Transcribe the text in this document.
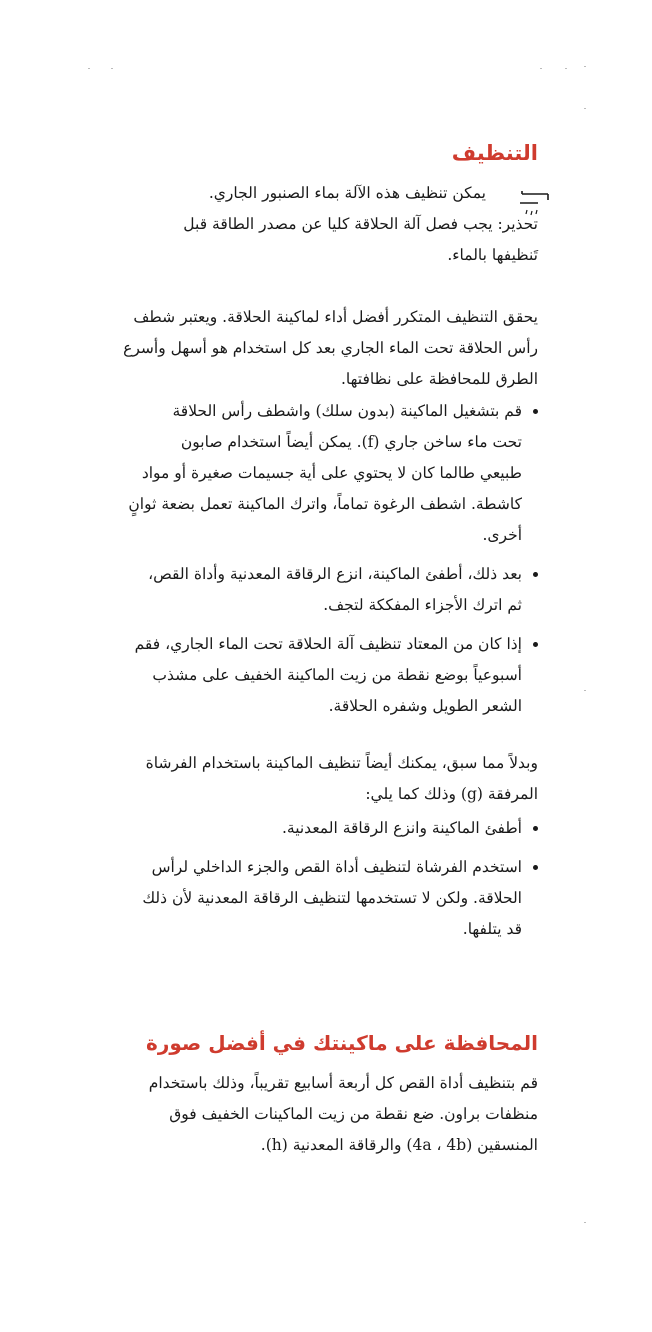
التنظيف

يمكن تنظيف هذه الآلة بماء الصنبور الجاري.

تحذير: يجب فصل آلة الحلاقة كليا عن مصدر الطاقة قبل
تَنظيفها بالماء.

يحقق التنظيف المتكرر أفضل أداء لماكينة الحلاقة. ويعتبر شطف
رأس الحلاقة تحت الماء الجاري بعد كل استخدام هو أسهل وأسرع
الطرق للمحافظة على نظافتها.

قم بتشغيل الماكينة (بدون سلك) واشطف رأس الحلاقة
تحت ماء ساخن جاري (f). يمكن أيضاً استخدام صابون
طبيعي طالما كان لا يحتوي على أية جسيمات صغيرة أو مواد
كاشطة. اشطف الرغوة تماماً، واترك الماكينة تعمل بضعة ثوانٍ
أخرى.
بعد ذلك، أطفئ الماكينة، انزع الرقاقة المعدنية وأداة القص،
ثم اترك الأجزاء المفككة لتجف.
إذا كان من المعتاد تنظيف آلة الحلاقة تحت الماء الجاري، فقم
أسبوعياً بوضع نقطة من زيت الماكينة الخفيف على مشذب
الشعر الطويل وشفره الحلاقة.

وبدلاً مما سبق، يمكنك أيضاً تنظيف الماكينة باستخدام الفرشاة
المرفقة (g) وذلك كما يلي:

أطفئ الماكينة وانزع الرقاقة المعدنية.
استخدم الفرشاة لتنظيف أداة القص والجزء الداخلي لرأس
الحلاقة. ولكن لا تستخدمها لتنظيف الرقاقة المعدنية لأن ذلك
قد يتلفها.
المحافظة على ماكينتك في أفضل صورة

قم بتنظيف أداة القص كل أربعة أسابيع تقريباً، وذلك باستخدام
منظفات براون. ضع نقطة من زيت الماكينات الخفيف فوق
المنسقين (4a ، 4b) والرقاقة المعدنية (h).
